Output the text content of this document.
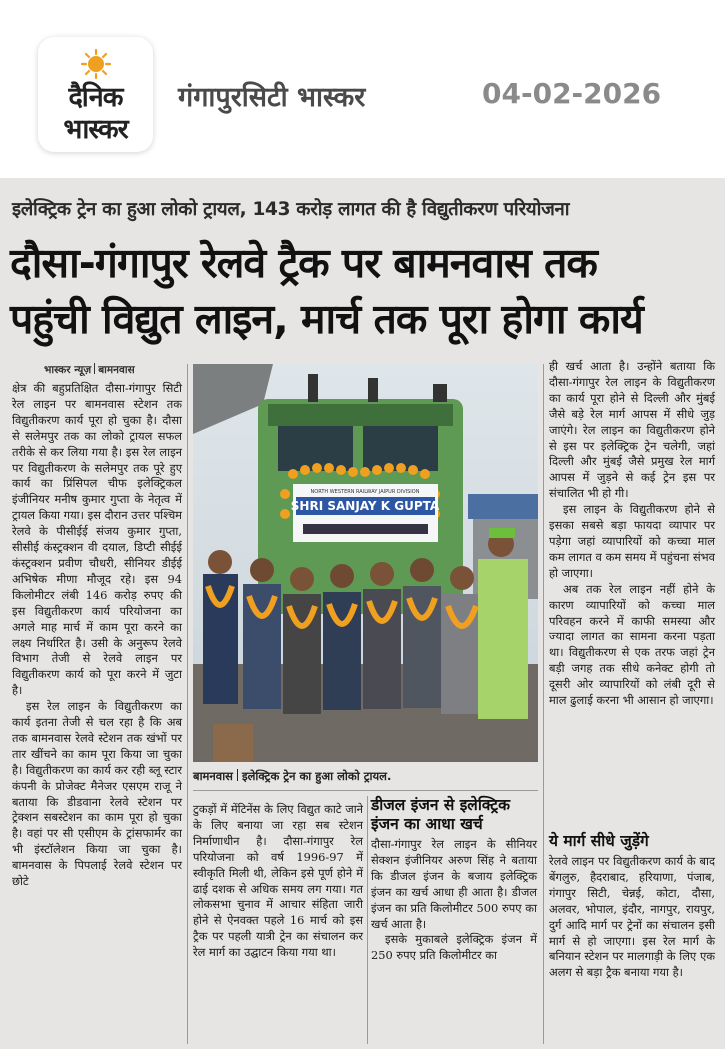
दैनिक
भास्कर
गंगापुरसिटी भास्कर	04-02-2026
इलेक्ट्रिक ट्रेन का हुआ लोको ट्रायल, 143 करोड़ लागत की है विद्युतीकरण परियोजना
दौसा-गंगापुर रेलवे ट्रैक पर बामनवास तक
पहुंची विद्युत लाइन, मार्च तक पूरा होगा कार्य
भास्कर न्यूज़ बामनवास

क्षेत्र की बहुप्रतिक्षित दौसा-गंगापुर सिटी रेल लाइन पर बामनवास स्टेशन तक विद्युतीकरण कार्य पूरा हो चुका है। दौसा से सलेमपुर तक का लोको ट्रायल सफल तरीके से कर लिया गया है। इस रेल लाइन पर विद्युतीकरण के सलेमपुर तक पूरे हुए कार्य का प्रिंसिपल चीफ इलेक्ट्रिकल इंजीनियर मनीष कुमार गुप्ता के नेतृत्व में ट्रायल किया गया। इस दौरान उत्तर पश्चिम रेलवे के पीसीईई संजय कुमार गुप्ता, सीसीई कंस्ट्रक्शन वी दयाल, डिप्टी सीईई कंस्ट्रक्शन प्रवीण चौधरी, सीनियर डीईई अभिषेक मीणा मौजूद रहे। इस 94 किलोमीटर लंबी 146 करोड़ रुपए की इस विद्युतीकरण कार्य परियोजना का अगले माह मार्च में काम पूरा करने का लक्ष्य निर्धारित है। उसी के अनुरूप रेलवे विभाग तेजी से रेलवे लाइन पर विद्युतीकरण कार्य को पूरा करने में जुटा है।

इस रेल लाइन के विद्युतीकरण का कार्य इतना तेजी से चल रहा है कि अब तक बामनवास रेलवे स्टेशन तक खंभों पर तार खींचने का काम पूरा किया जा चुका है। विद्युतीकरण का कार्य कर रही ब्लू स्टार कंपनी के प्रोजेक्ट मैनेजर एसएम राजू ने बताया कि डीडवाना रेलवे स्टेशन पर ट्रेक्शन सबस्टेशन का काम पूरा हो चुका है। वहां पर सी एसीएम के ट्रांसफार्मर का भी इंस्टॉलेशन किया जा चुका है। बामनवास के पिपलाई रेलवे स्टेशन पर छोटे

NORTH WESTERN RAILWAY JAIPUR DIVISION
SHRI SANJAY K GUPTA
बामनवास इलेक्ट्रिक ट्रेन का हुआ लोको ट्रायल.

टुकड़ों में मेंटिनेंस के लिए विद्युत काटे जाने के लिए बनाया जा रहा सब स्टेशन निर्माणाधीन है। दौसा-गंगापुर रेल परियोजना को वर्ष 1996-97 में स्वीकृति मिली थी, लेकिन इसे पूर्ण होने में ढाई दशक से अधिक समय लग गया। गत लोकसभा चुनाव में आचार संहिता जारी होने से ऐनवक्त पहले 16 मार्च को इस ट्रैक पर पहली यात्री ट्रेन का संचालन कर रेल मार्ग का उद्घाटन किया गया था।

डीजल इंजन से इलेक्ट्रिक इंजन का आधा खर्च

दौसा-गंगापुर रेल लाइन के सीनियर सेक्शन इंजीनियर अरुण सिंह ने बताया कि डीजल इंजन के बजाय इलेक्ट्रिक इंजन का खर्च आधा ही आता है। डीजल इंजन का प्रति किलोमीटर 500 रुपए का खर्च आता है।

इसके मुकाबले इलेक्ट्रिक इंजन में 250 रुपए प्रति किलोमीटर का

ही खर्च आता है। उन्होंने बताया कि दौसा-गंगापुर रेल लाइन के विद्युतीकरण का कार्य पूरा होने से दिल्ली और मुंबई जैसे बड़े रेल मार्ग आपस में सीधे जुड़ जाएंगे। रेल लाइन का विद्युतीकरण होने से इस पर इलेक्ट्रिक ट्रेन चलेगी, जहां दिल्ली और मुंबई जैसे प्रमुख रेल मार्ग आपस में जुड़ने से कई ट्रेन इस पर संचालित भी हो गी।

इस लाइन के विद्युतीकरण होने से इसका सबसे बड़ा फायदा व्यापार पर पड़ेगा जहां व्यापारियों को कच्चा माल कम लागत व कम समय में पहुंचना संभव हो जाएगा।

अब तक रेल लाइन नहीं होने के कारण व्यापारियों को कच्चा माल परिवहन करने में काफी समस्या और ज्यादा लागत का सामना करना पड़ता था। विद्युतीकरण से एक तरफ जहां ट्रेन बड़ी जगह तक सीधे कनेक्ट होगी तो दूसरी ओर व्यापारियों को लंबी दूरी से माल ढुलाई करना भी आसान हो जाएगा।

ये मार्ग सीधे जुड़ेंगे

रेलवे लाइन पर विद्युतीकरण कार्य के बाद बेंगलुरु, हैदराबाद, हरियाणा, पंजाब, गंगापुर सिटी, चेन्नई, कोटा, दौसा, अलवर, भोपाल, इंदौर, नागपुर, रायपुर, दुर्ग आदि मार्ग पर ट्रेनों का संचालन इसी मार्ग से हो जाएगा। इस रेल मार्ग के बनियान स्टेशन पर मालगाड़ी के लिए एक अलग से बड़ा ट्रैक बनाया गया है।
